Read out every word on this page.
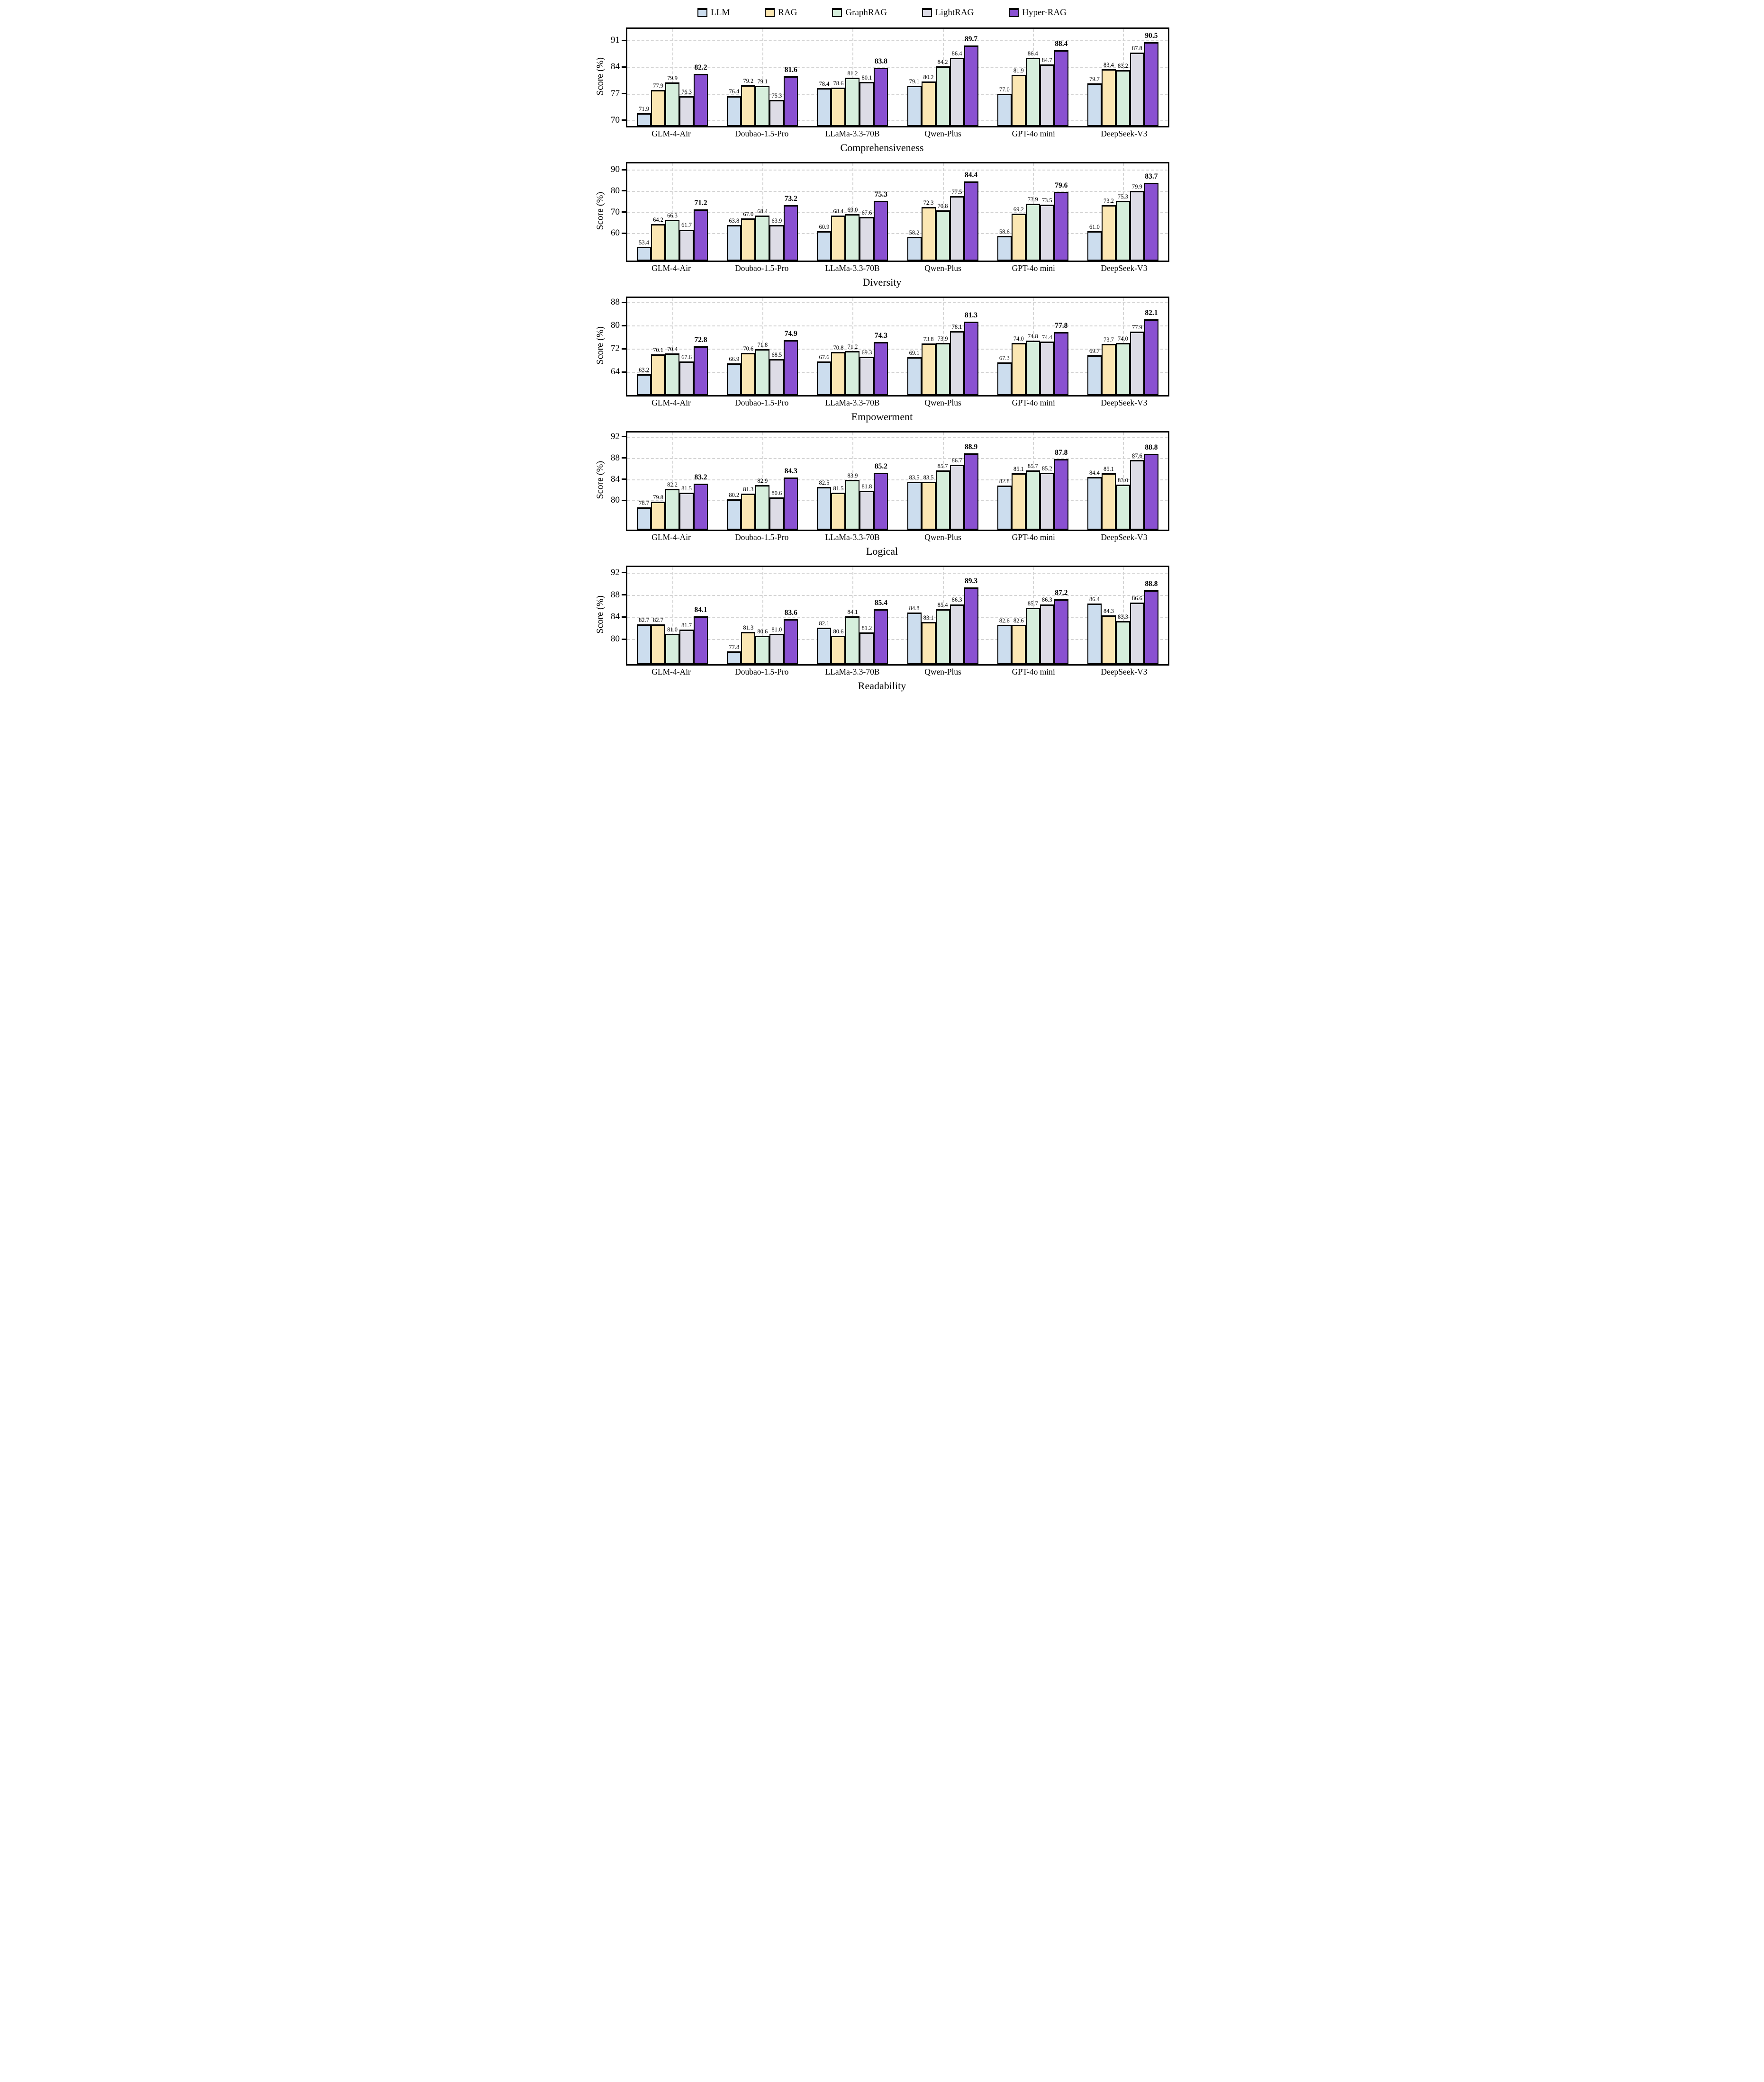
LLM	RAG	GraphRAG	LightRAG	Hyper-RAG
Score (%)
70
77
84
91
71.9
77.9
79.9
76.3
82.2
76.4
79.2 79.1
75.3
81.6
78.4 78.6
81.2
80.1
83.8
79.1
80.2
84.2
86.4
89.7
77.0
81.9
86.4
84.7
88.4
79.7
83.4 83.2
87.8
90.5
GLM-4-Air	Doubao-1.5-Pro	LLaMa-3.3-70B	Qwen-Plus	GPT-4o mini	DeepSeek-V3
Comprehensiveness
Score (%)
60
70
80
90
53.4
64.2
66.3
61.7
71.2
63.8
67.0 68.4
63.9
73.2
60.9
68.4 69.0 67.6
75.3
58.2
72.3 70.8
77.5
84.4
58.6
69.2
73.9 73.5
79.6
61.0
73.2
75.3
79.9
83.7
GLM-4-Air	Doubao-1.5-Pro	LLaMa-3.3-70B	Qwen-Plus	GPT-4o mini	DeepSeek-V3
Diversity
Score (%)
64
72
80
88
63.2
70.1 70.4
67.6
72.8
66.9
70.6
71.8
68.5
74.9
67.6
70.8 71.2
69.3
74.3
69.1
73.8 73.9
78.1
81.3
67.3
74.0 74.8 74.4
77.8
69.7
73.7 74.0
77.9
82.1
GLM-4-Air	Doubao-1.5-Pro	LLaMa-3.3-70B	Qwen-Plus	GPT-4o mini	DeepSeek-V3
Empowerment
Score (%)
80
84
88
92
78.7
79.8
82.2
81.5
83.2
80.2
81.3
82.9
80.6
84.3
82.5
81.5
83.9
81.8
85.2
83.5 83.5
85.7
86.7
88.9
82.8
85.1 85.7 85.2
87.8
84.4
85.1
83.0
87.6
88.8
GLM-4-Air	Doubao-1.5-Pro	LLaMa-3.3-70B	Qwen-Plus	GPT-4o mini	DeepSeek-V3
Logical
Score (%)
80
84
88
92
82.7 82.7
81.0
81.7
84.1
77.8
81.3
80.6 81.0
83.6
82.1
80.6
84.1
81.2
85.4
84.8
83.1
85.4
86.3
89.3
82.6 82.6
85.7
86.3
87.2
86.4
84.3
83.3
86.6
88.8
GLM-4-Air	Doubao-1.5-Pro	LLaMa-3.3-70B	Qwen-Plus	GPT-4o mini	DeepSeek-V3
Readability
